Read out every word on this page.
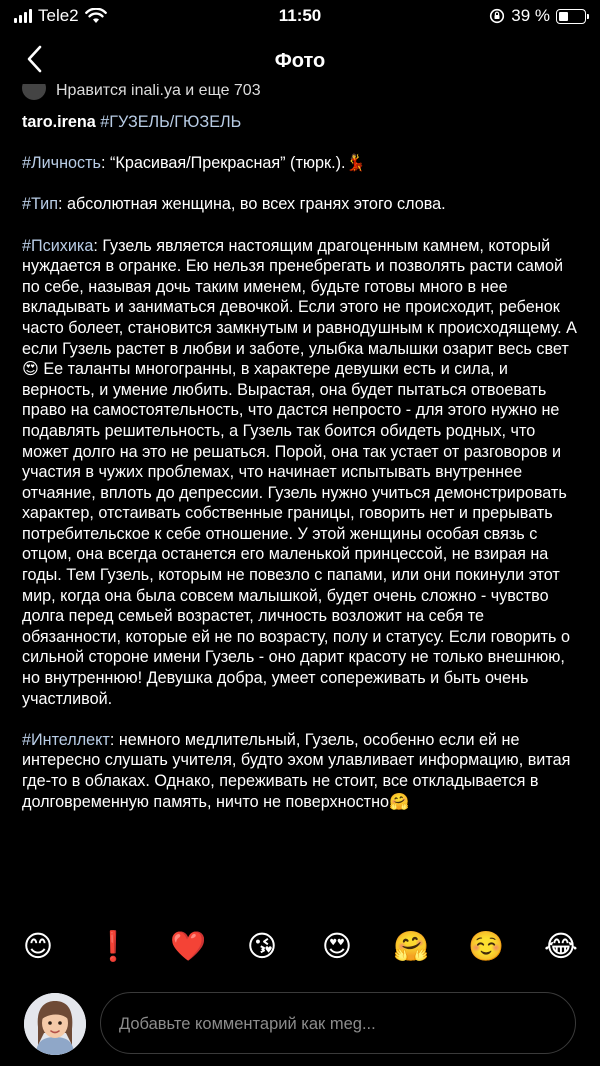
Tele2	11:50	39 %
Фото
Нравится inali.ya и еще 703

taro.irena #ГУЗЕЛЬ/ГЮЗЕЛЬ

#Личность: “Красивая/Прекрасная” (тюрк.).💃

#Тип: абсолютная женщина, во всех гранях этого слова.

#Психика: Гузель является настоящим драгоценным камнем, который нуждается в огранке. Ею нельзя пренебрегать и позволять расти самой по себе, называя дочь таким именем, будьте готовы много в нее вкладывать и заниматься девочкой. Если этого не происходит, ребенок часто болеет, становится замкнутым и равнодушным к происходящему. А если Гузель растет в любви и заботе, улыбка малышки озарит весь свет😍 Ее таланты многогранны, в характере девушки есть и сила, и верность, и умение любить. Вырастая, она будет пытаться отвоевать право на самостоятельность, что дастся непросто - для этого нужно не подавлять решительность, а Гузель так боится обидеть родных, что может долго на это не решаться. Порой, она так устает от разговоров и участия в чужих проблемах, что начинает испытывать внутреннее отчаяние, вплоть до депрессии. Гузель нужно учиться демонстрировать характер, отстаивать собственные границы, говорить нет и прерывать потребительское к себе отношение. У этой женщины особая связь с отцом, она всегда останется его маленькой принцессой, не взирая на годы. Тем Гузель, которым не повезло с папами, или они покинули этот мир, когда она была совсем малышкой, будет очень сложно - чувство долга перед семьей возрастет, личность возложит на себя те обязанности, которые ей не по возрасту, полу и статусу. Если говорить о сильной стороне имени Гузель - оно дарит красоту не только внешнюю, но внутреннюю! Девушка добра, умеет сопереживать и быть очень участливой.

#Интеллект: немного медлительный, Гузель, особенно если ей не интересно слушать учителя, будто эхом улавливает информацию, витая где-то в облаках. Однако, переживать не стоит, все откладывается в долговременную память, ничто не поверхностно🤗

😊 ❗ ❤️ 😘 😍 🤗 ☺️ 😂
Добавьте комментарий как meg...
